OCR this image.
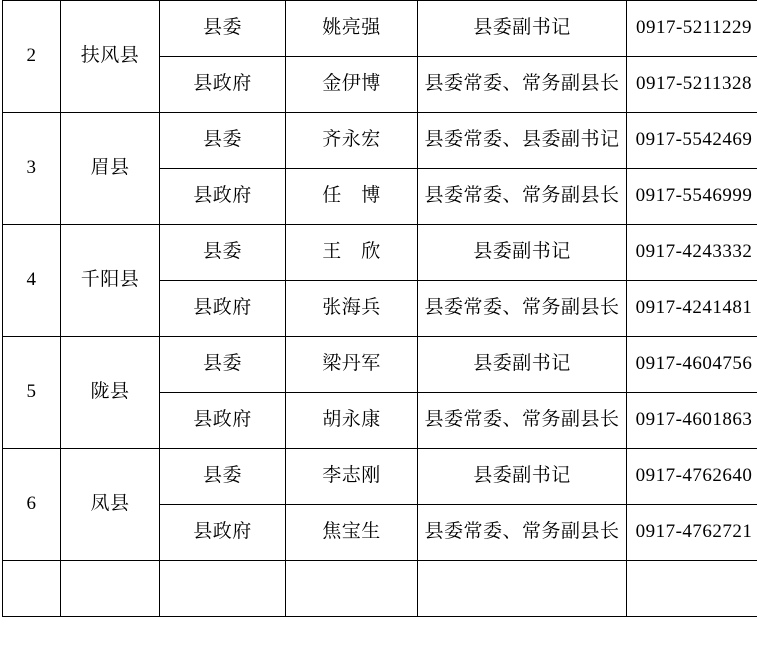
2	扶风县	县委	姚亮强	县委副书记	0917-5211229
		县政府	金伊博	县委常委、常务副县长	0917-5211328
3	眉县	县委	齐永宏	县委常委、县委副书记	0917-5542469
		县政府	任　博	县委常委、常务副县长	0917-5546999
4	千阳县	县委	王　欣	县委副书记	0917-4243332
		县政府	张海兵	县委常委、常务副县长	0917-4241481
5	陇县	县委	梁丹军	县委副书记	0917-4604756
		县政府	胡永康	县委常委、常务副县长	0917-4601863
6	凤县	县委	李志刚	县委副书记	0917-4762640
		县政府	焦宝生	县委常委、常务副县长	0917-4762721
